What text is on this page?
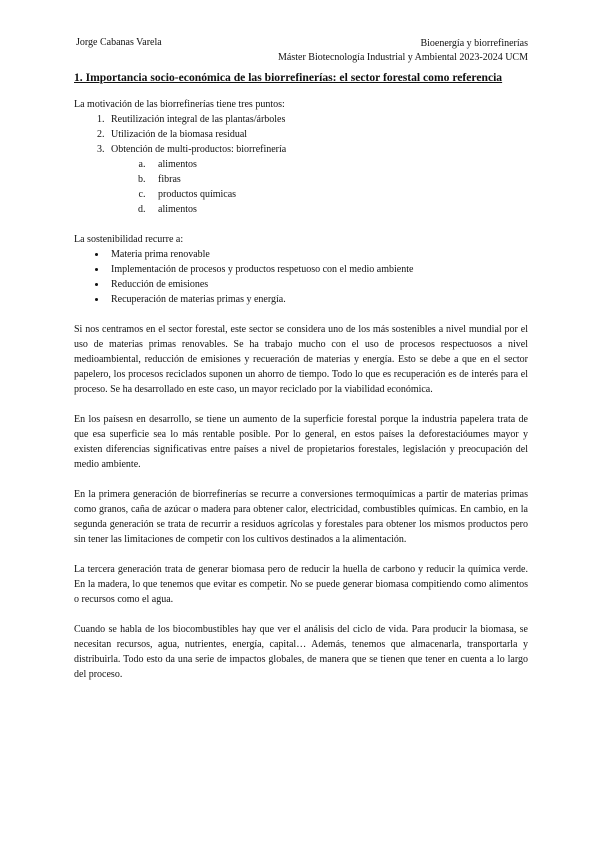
Jorge Cabanas Varela	Bioenergía y biorrefinerías
Máster Biotecnología Industrial y Ambiental 2023-2024 UCM
1. Importancia socio-económica de las biorrefinerías: el sector forestal como referencia

La motivación de las biorrefinerías tiene tres puntos:

1. Reutilización integral de las plantas/árboles
2. Utilización de la biomasa residual
3. Obtención de multi-productos: biorrefinería
a. alimentos
b. fibras
c. productos químicas
d. alimentos

La sostenibilidad recurre a:

• Materia prima renovable
• Implementación de procesos y productos respetuoso con el medio ambiente
• Reducción de emisiones
• Recuperación de materias primas y energía.

Si nos centramos en el sector forestal, este sector se considera uno de los más sostenibles a nivel mundial por el uso de materias primas renovables. Se ha trabajo mucho con el uso de procesos respectuosos a nivel medioambiental, reducción de emisiones y recueración de materias y energía. Esto se debe a que en el sector papelero, los procesos reciclados suponen un ahorro de tiempo. Todo lo que es recuperación es de interés para el proceso. Se ha desarrollado en este caso, un mayor reciclado por la viabilidad económica.

En los paísesn en desarrollo, se tiene un aumento de la superficie forestal porque la industria papelera trata de que esa superficie sea lo más rentable posible. Por lo general, en estos países la deforestacióumes mayor y existen diferencias significativas entre países a nivel de propietarios forestales, legislación y preocupación del medio ambiente.

En la primera generación de biorrefinerías se recurre a conversiones termoquímicas a partir de materias primas como granos, caña de azúcar o madera para obtener calor, electricidad, combustibles químicas. En cambio, en la segunda generación se trata de recurrir a residuos agrícolas y forestales para obtener los mismos productos pero sin tener las limitaciones de competir con los cultivos destinados a la alimentación.

La tercera generación trata de generar biomasa pero de reducir la huella de carbono y reducir la química verde. En la madera, lo que tenemos que evitar es competir. No se puede generar biomasa compitiendo como alimentos o recursos como el agua.

Cuando se habla de los biocombustibles hay que ver el análisis del ciclo de vida. Para producir la biomasa, se necesitan recursos, agua, nutrientes, energía, capital… Además, tenemos que almacenarla, transportarla y distribuirla. Todo esto da una serie de impactos globales, de manera que se tienen que tener en cuenta a lo largo del proceso.
